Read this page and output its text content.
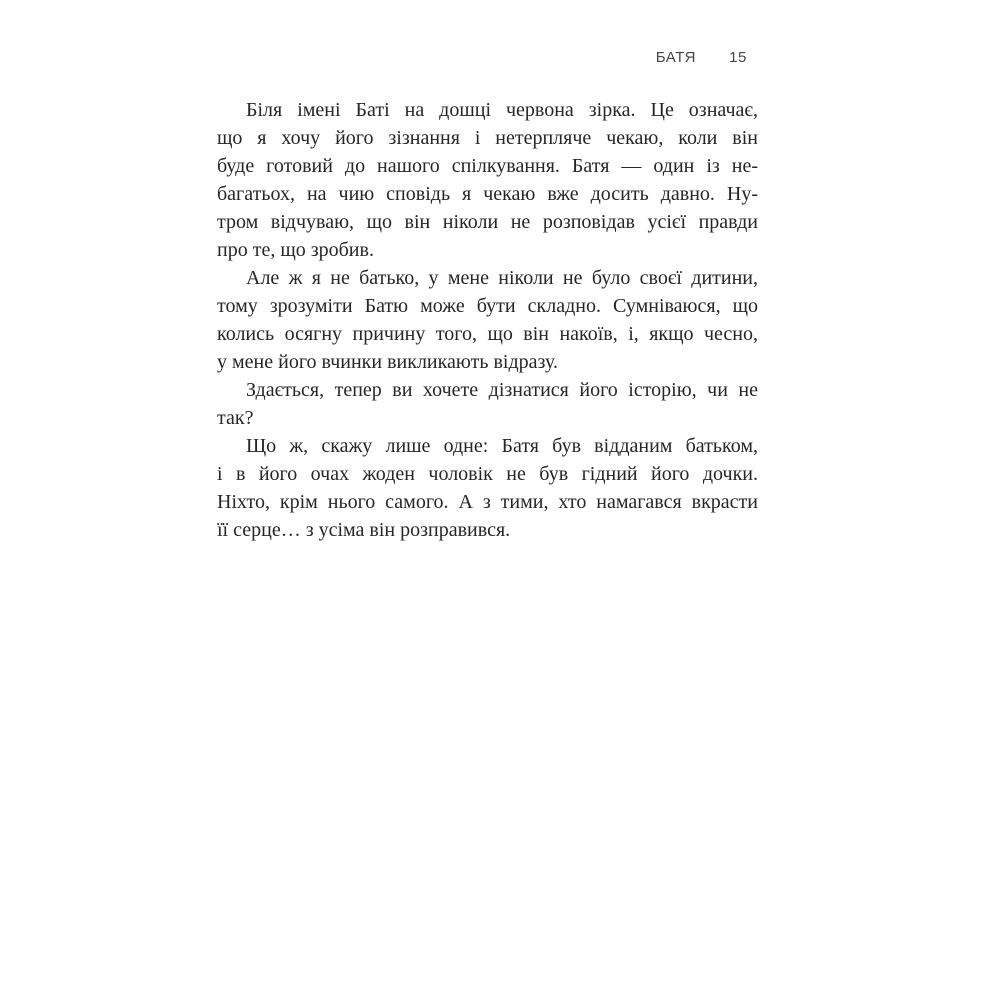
БАТЯ 15
Біля імені Баті на дошці червона зірка. Це означає,
що я хочу його зізнання і нетерпляче чекаю, коли він
буде готовий до нашого спілкування. Батя — один із не-
багатьох, на чию сповідь я чекаю вже досить давно. Ну-
тром відчуваю, що він ніколи не розповідав усієї правди
про те, що зробив.
Але ж я не батько, у мене ніколи не було своєї дитини,
тому зрозуміти Батю може бути складно. Сумніваюся, що
колись осягну причину того, що він накоїв, і, якщо чесно,
у мене його вчинки викликають відразу.
Здається, тепер ви хочете дізнатися його історію, чи не
так?
Що ж, скажу лише одне: Батя був відданим батьком,
і в його очах жоден чоловік не був гідний його дочки.
Ніхто, крім нього самого. А з тими, хто намагався вкрасти
її серце… з усіма він розправився.
